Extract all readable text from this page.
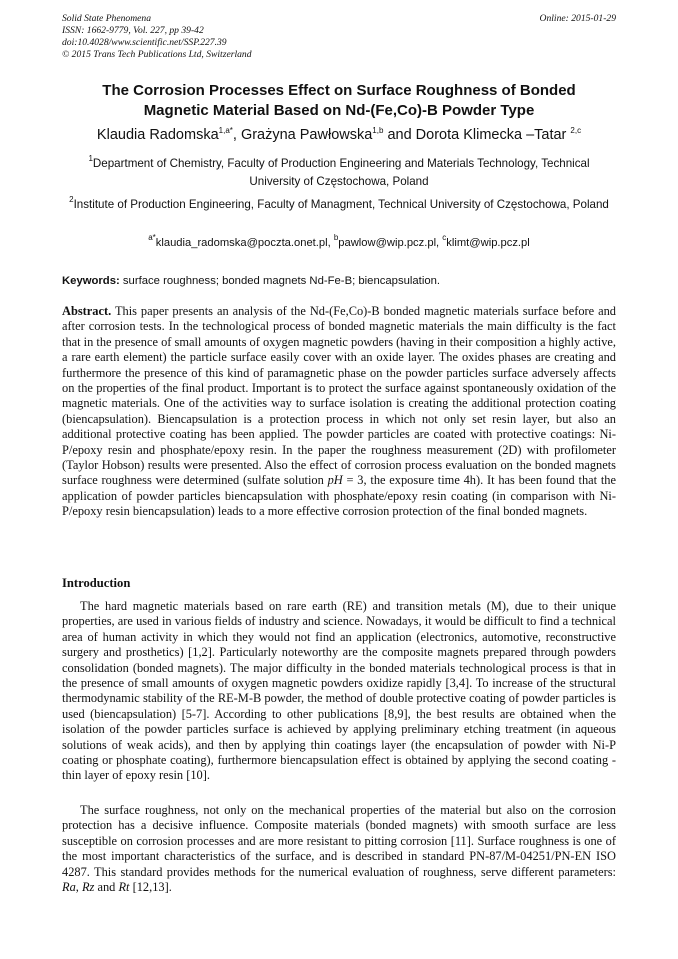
Solid State Phenomena
ISSN: 1662-9779, Vol. 227, pp 39-42
doi:10.4028/www.scientific.net/SSP.227.39
© 2015 Trans Tech Publications Ltd, Switzerland
Online: 2015-01-29
The Corrosion Processes Effect on Surface Roughness of Bonded
Magnetic Material Based on Nd-(Fe,Co)-B Powder Type
Klaudia Radomska$^{1,a*}$, Grażyna Pawłowska$^{1,b}$ and Dorota Klimecka –Tatar $^{2,c}$
$^1$Department of Chemistry, Faculty of Production Engineering and Materials Technology, Technical University of Częstochowa, Poland
$^2$Institute of Production Engineering, Faculty of Managment, Technical University of Częstochowa, Poland
$^{a*}$klaudia_radomska@poczta.onet.pl, $^b$pawlow@wip.pcz.pl, $^c$klimt@wip.pcz.pl
Keywords: surface roughness; bonded magnets Nd-Fe-B; biencapsulation.
Abstract. This paper presents an analysis of the Nd-(Fe,Co)-B bonded magnetic materials surface before and after corrosion tests. In the technological process of bonded magnetic materials the main difficulty is the fact that in the presence of small amounts of oxygen magnetic powders (having in their composition a highly active, a rare earth element) the particle surface easily cover with an oxide layer. The oxides phases are creating and furthermore the presence of this kind of paramagnetic phase on the powder particles surface adversely affects on the properties of the final product. Important is to protect the surface against spontaneously oxidation of the magnetic materials. One of the activities way to surface isolation is creating the additional protection coating (biencapsulation). Biencapsulation is a protection process in which not only set resin layer, but also an additional protective coating has been applied. The powder particles are coated with protective coatings: Ni-P/epoxy resin and phosphate/epoxy resin. In the paper the roughness measurement (2D) with profilometer (Taylor Hobson) results were presented. Also the effect of corrosion process evaluation on the bonded magnets surface roughness were determined (sulfate solution pH = 3, the exposure time 4h). It has been found that the application of powder particles biencapsulation with phosphate/epoxy resin coating (in comparison with Ni-P/epoxy resin biencapsulation) leads to a more effective corrosion protection of the final bonded magnets.
Introduction
The hard magnetic materials based on rare earth (RE) and transition metals (M), due to their unique properties, are used in various fields of industry and science. Nowadays, it would be difficult to find a technical area of human activity in which they would not find an application (electronics, automotive, reconstructive surgery and prosthetics) [1,2]. Particularly noteworthy are the composite magnets prepared through powders consolidation (bonded magnets). The major difficulty in the bonded materials technological process is that in the presence of small amounts of oxygen magnetic powders oxidize rapidly [3,4]. To increase of the structural thermodynamic stability of the RE-M-B powder, the method of double protective coating of powder particles is used (biencapsulation) [5-7]. According to other publications [8,9], the best results are obtained when the isolation of the powder particles surface is achieved by applying preliminary etching treatment (in aqueous solutions of weak acids), and then by applying thin coatings layer (the encapsulation of powder with Ni-P coating or phosphate coating), furthermore biencapsulation effect is obtained by applying the second coating - thin layer of epoxy resin [10].
The surface roughness, not only on the mechanical properties of the material but also on the corrosion protection has a decisive influence. Composite materials (bonded magnets) with smooth surface are less susceptible on corrosion processes and are more resistant to pitting corrosion [11]. Surface roughness is one of the most important characteristics of the surface, and is described in standard PN-87/M-04251/PN-EN ISO 4287. This standard provides methods for the numerical evaluation of roughness, serve different parameters: Ra, Rz and Rt [12,13].
